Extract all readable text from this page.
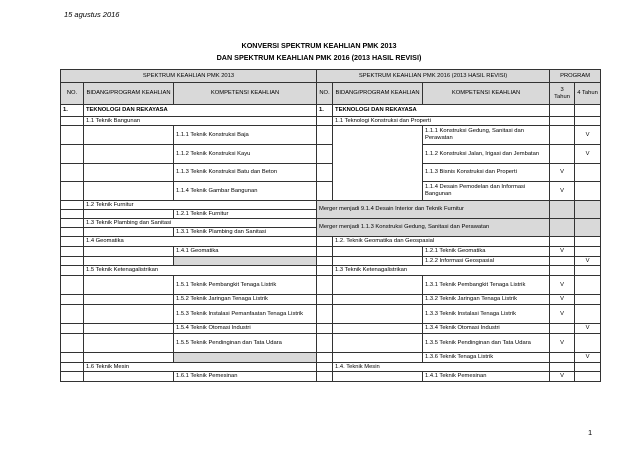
15 agustus 2016
KONVERSI SPEKTRUM KEAHLIAN PMK 2013
DAN SPEKTRUM KEAHLIAN PMK 2016 (2013 HASIL REVISI)
SPEKTRUM KEAHLIAN PMK 2013			SPEKTRUM KEAHLIAN PMK 2016 (2013 HASIL REVISI)			PROGRAM	
NO.	BIDANG/PROGRAM KEAHLIAN	KOMPETENSI KEAHLIAN	NO.	BIDANG/PROGRAM KEAHLIAN	KOMPETENSI KEAHLIAN	3 Tahun	4 Tahun
1.	TEKNOLOGI DAN REKAYASA		1.	TEKNOLOGI DAN REKAYASA			
	1.1 Teknik Bangunan			1.1 Teknologi Konstruksi dan Properti			
		1.1.1 Teknik Konstruksi Baja			1.1.1 Konstruksi Gedung, Sanitasi dan Perawatan		V
		1.1.2 Teknik Konstruksi Kayu			1.1.2 Konstruksi Jalan, Irigasi dan Jembatan		V
		1.1.3 Teknik Konstruksi Batu dan Beton			1.1.3 Bisnis Konstruksi dan Properti	V	
		1.1.4 Teknik Gambar Bangunan			1.1.4 Desain Pemodelan dan Informasi Bangunan	V	
	1.2 Teknik Furnitur		Merger menjadi 9.1.4 Desain Interior dan Teknik Furnitur				
		1.2.1 Teknik Furnitur					
	1.3 Teknik Plambing dan Sanitasi		Merger menjadi 1.1.3 Konstruksi Gedung, Sanitasi dan Perawatan				
		1.3.1 Teknik Plambing dan Sanitasi					
	1.4 Geomatika			1.2. Teknik Geomatika dan Geospasial			
		1.4.1 Geomatika			1.2.1 Teknik Geomatika	V	
					1.2.2 Informasi Geospasial		V
	1.5 Teknik Ketenagalistrikan			1.3 Teknik Ketenagalistrikan			
		1.5.1 Teknik Pembangkit Tenaga Listrik			1.3.1 Teknik Pembangkit Tenaga Listrik	V	
		1.5.2 Teknik Jaringan Tenaga Listrik			1.3.2 Teknik Jaringan Tenaga Listrik	V	
		1.5.3 Teknik Instalasi Pemanfaatan Tenaga Listrik			1.3.3 Teknik Instalasi Tenaga Listrik	V	
		1.5.4 Teknik Otomasi Industri			1.3.4 Teknik Otomasi Industri		V
		1.5.5 Teknik Pendinginan dan Tata Udara			1.3.5 Teknik Pendinginan dan Tata Udara	V	
					1.3.6 Teknik Tenaga Listrik		V
	1.6 Teknik Mesin			1.4. Teknik Mesin			
		1.6.1 Teknik Pemesinan			1.4.1 Teknik Pemesinan	V	
1
